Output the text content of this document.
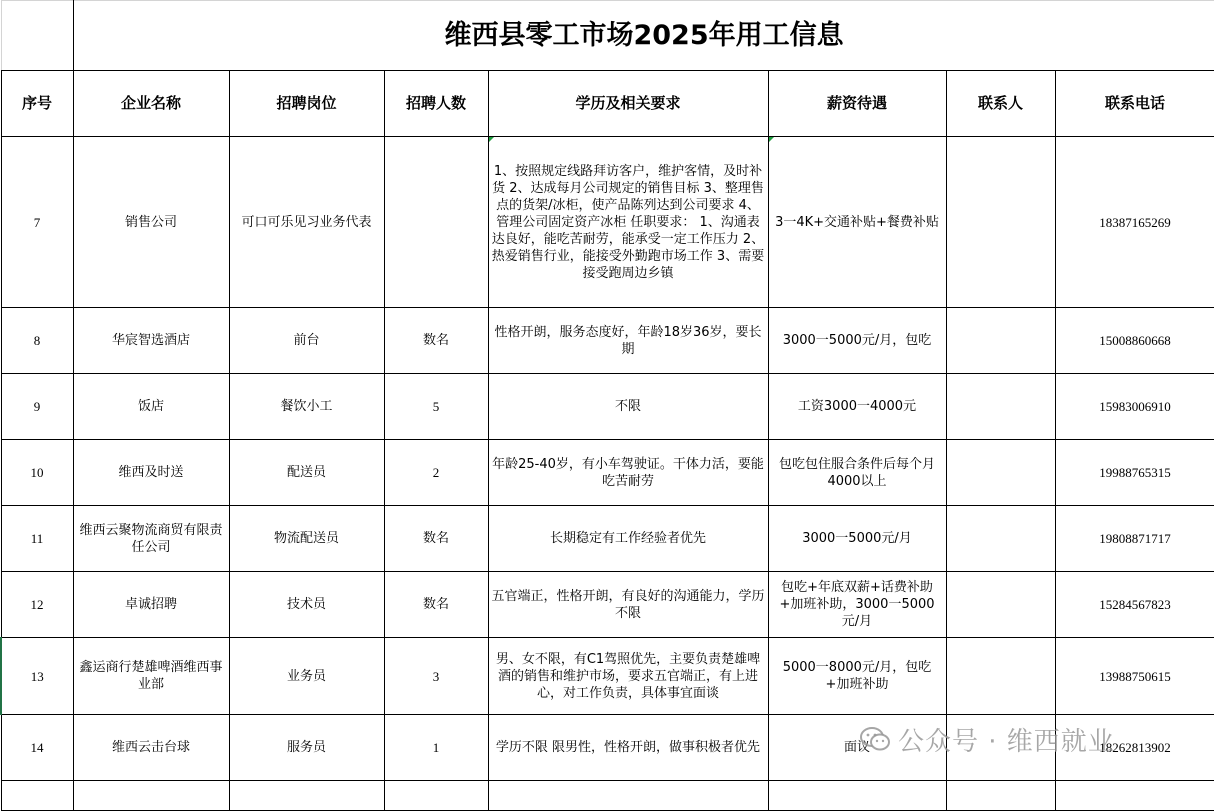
	维西县零工市场2025年用工信息						
序号	企业名称	招聘岗位	招聘人数	学历及相关要求	薪资待遇	联系人	联系电话
7	销售公司	可口可乐见习业务代表		1、按照规定线路拜访客户，维护客情，及时补货 2、达成每月公司规定的销售目标 3、整理售点的货架/冰柜，使产品陈列达到公司要求 4、 管理公司固定资产冰柜 任职要求： 1、沟通表达良好，能吃苦耐劳，能承受一定工作压力 2、热爱销售行业，能接受外勤跑市场工作 3、需要接受跑周边乡镇	3一4K+交通补贴+餐费补贴		18387165269
8	华宸智选酒店	前台	数名	性格开朗，服务态度好，年龄18岁36岁，要长期	3000一5000元/月，包吃		15008860668
9	饭店	餐饮小工	5	不限	工资3000一4000元		15983006910
10	维西及时送	配送员	2	年龄25-40岁，有小车驾驶证。干体力活，要能吃苦耐劳	包吃包住服合条件后每个月4000以上		19988765315
11	维西云聚物流商贸有限责任公司	物流配送员	数名	长期稳定有工作经验者优先	3000一5000元/月		19808871717
12	卓诚招聘	技术员	数名	五官端正，性格开朗，有良好的沟通能力，学历不限	包吃+年底双薪+话费补助+加班补助，3000一5000元/月		15284567823
13	鑫运商行楚雄啤酒维西事业部	业务员	3	男、女不限，有C1驾照优先，主要负责楚雄啤酒的销售和维护市场，要求五官端正，有上进心，对工作负责，具体事宜面谈	5000一8000元/月，包吃+加班补助		13988750615
14	维西云击台球	服务员	1	学历不限 限男性，性格开朗，做事积极者优先	面议		18262813902

公众号 · 维西就业
